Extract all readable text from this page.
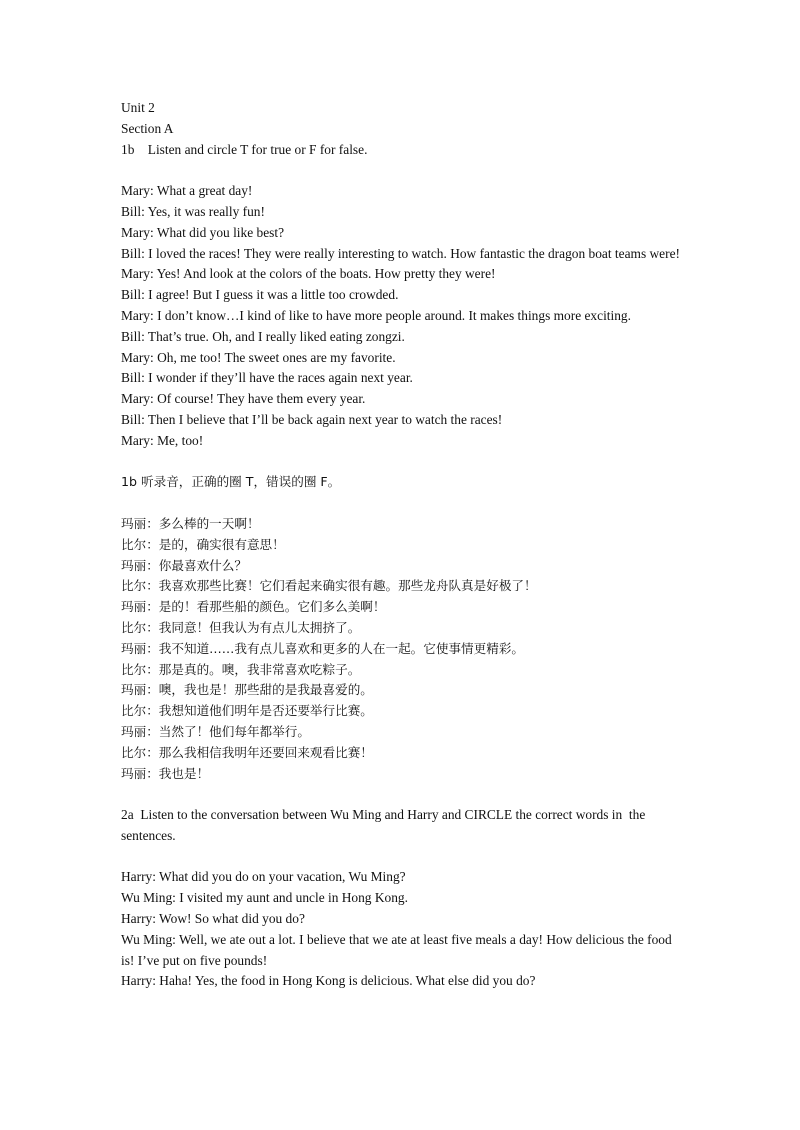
Unit 2
Section A
1b    Listen and circle T for true or F for false.
Mary: What a great day!
Bill: Yes, it was really fun!
Mary: What did you like best?
Bill: I loved the races! They were really interesting to watch. How fantastic the dragon boat teams were!
Mary: Yes! And look at the colors of the boats. How pretty they were!
Bill: I agree! But I guess it was a little too crowded.
Mary: I don’t know…I kind of like to have more people around. It makes things more exciting.
Bill: That’s true. Oh, and I really liked eating zongzi.
Mary: Oh, me too! The sweet ones are my favorite.
Bill: I wonder if they’ll have the races again next year.
Mary: Of course! They have them every year.
Bill: Then I believe that I’ll be back again next year to watch the races!
Mary: Me, too!
1b 听录音，正确的圈 T，错误的圈 F。
玛丽：多么棒的一天啊！
比尔：是的，确实很有意思！
玛丽：你最喜欢什么？
比尔：我喜欢那些比赛！它们看起来确实很有趣。那些龙舟队真是好极了！
玛丽：是的！看那些船的颜色。它们多么美啊！
比尔：我同意！但我认为有点儿太拥挤了。
玛丽：我不知道……我有点儿喜欢和更多的人在一起。它使事情更精彩。
比尔：那是真的。噢，我非常喜欢吃粽子。
玛丽：噢，我也是！那些甜的是我最喜爱的。
比尔：我想知道他们明年是否还要举行比赛。
玛丽：当然了！他们每年都举行。
比尔：那么我相信我明年还要回来观看比赛！
玛丽：我也是！
2a  Listen to the conversation between Wu Ming and Harry and CIRCLE the correct words in  the sentences.
Harry: What did you do on your vacation, Wu Ming?
Wu Ming: I visited my aunt and uncle in Hong Kong.
Harry: Wow! So what did you do?
Wu Ming: Well, we ate out a lot. I believe that we ate at least five meals a day! How delicious the food is! I’ve put on five pounds!
Harry: Haha! Yes, the food in Hong Kong is delicious. What else did you do?
